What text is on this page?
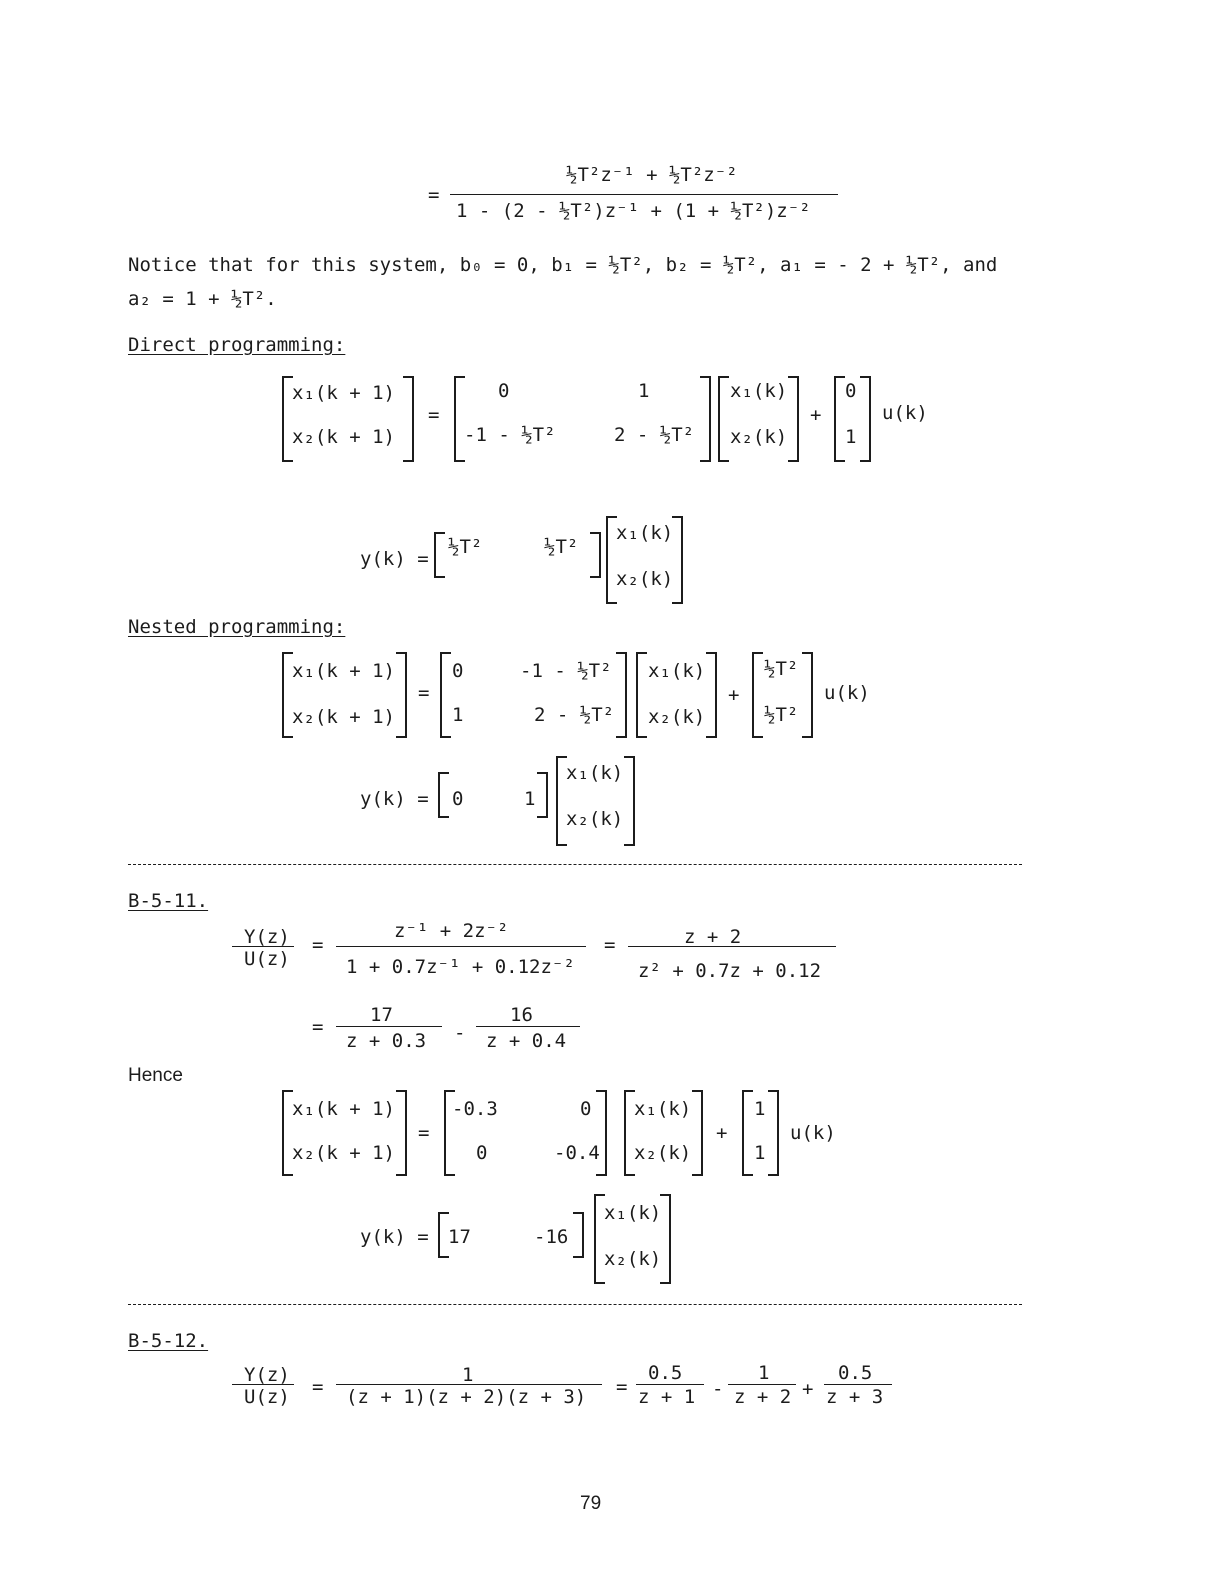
=
½T²z⁻¹ + ½T²z⁻²
1 - (2 - ½T²)z⁻¹ + (1 + ½T²)z⁻²
Notice that for this system, b₀ = 0, b₁ = ½T², b₂ = ½T², a₁ = - 2 + ½T², and
a₂ = 1 + ½T².
Direct programming:
x₁(k + 1)
x₂(k + 1)
=
0	1
-1 - ½T²	2 - ½T²
x₁(k)
x₂(k)
+
0
1
u(k)
y(k) =
½T²	½T²
x₁(k)
x₂(k)
Nested programming:
x₁(k + 1)
x₂(k + 1)
=
0	-1 - ½T²
1	2 - ½T²
x₁(k)
x₂(k)
+
½T²
½T²
u(k)
y(k) = 0	1
x₁(k)
x₂(k)
B-5-11.
Y(z)
U(z)
=
z⁻¹ + 2z⁻²
1 + 0.7z⁻¹ + 0.12z⁻²
=	z + 2
z² + 0.7z + 0.12
=
17
z + 0.3 -
16
z + 0.4
Hence
x₁(k + 1)
x₂(k + 1)
=
-0.3	0
0	-0.4
x₁(k)
x₂(k)
+
1
1
u(k)
y(k) = 17	-16
x₁(k)
x₂(k)
B-5-12.
Y(z)
U(z) =
1
(z + 1)(z + 2)(z + 3) =
0.5
z + 1 -
1
z + 2 +
0.5
z + 3
79
